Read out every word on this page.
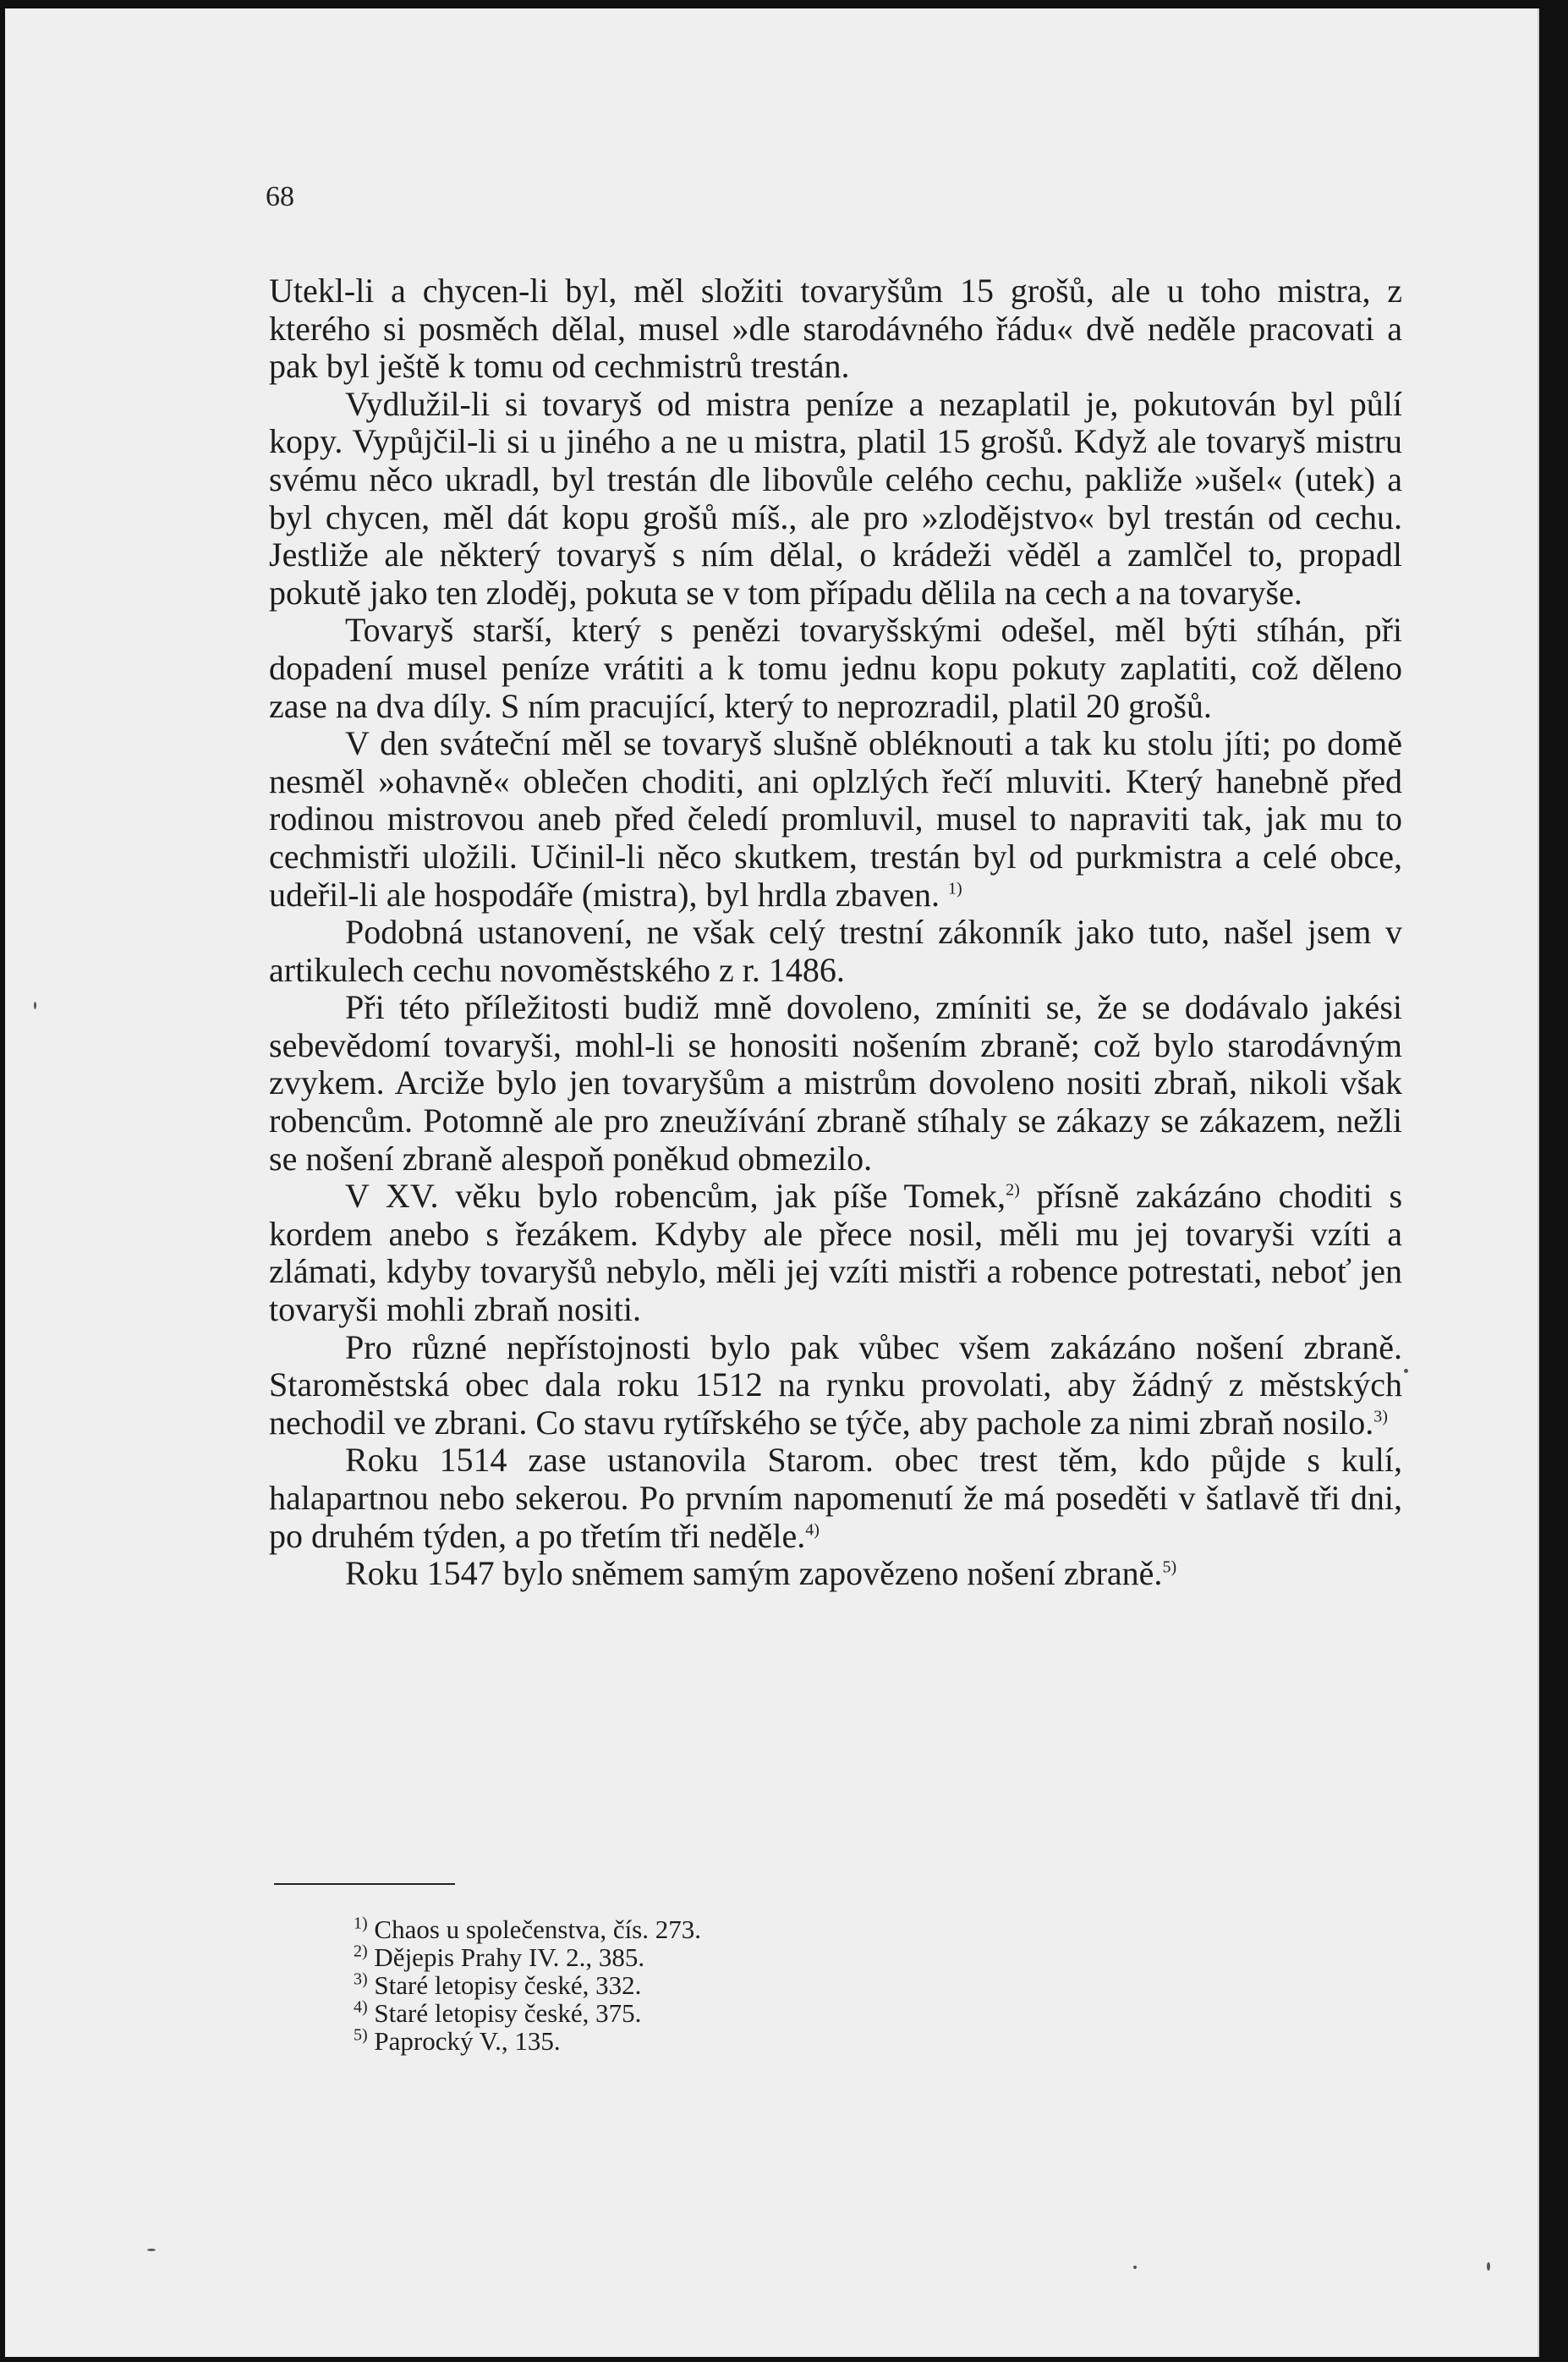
68

Utekl-li a chycen-li byl, měl složiti tovaryšům 15 grošů, ale u toho mistra, z kterého si posměch dělal, musel »dle starodávného řádu« dvě neděle pracovati a pak byl ještě k tomu od cechmistrů trestán.

Vydlužil-li si tovaryš od mistra peníze a nezaplatil je, pokutován byl půlí kopy. Vypůjčil-li si u jiného a ne u mistra, platil 15 grošů. Když ale tovaryš mistru svému něco ukradl, byl trestán dle libovůle celého cechu, pakliže »ušel« (utek) a byl chycen, měl dát kopu grošů míš., ale pro »zlodějstvo« byl trestán od cechu. Jestliže ale některý tovaryš s ním dělal, o krádeži věděl a zamlčel to, propadl pokutě jako ten zloděj, pokuta se v tom případu dělila na cech a na tovaryše.

Tovaryš starší, který s penězi tovaryšskými odešel, měl býti stíhán, při dopadení musel peníze vrátiti a k tomu jednu kopu pokuty zaplatiti, což děleno zase na dva díly. S ním pracující, který to neprozradil, platil 20 grošů.

V den sváteční měl se tovaryš slušně obléknouti a tak ku stolu jíti; po domě nesměl »ohavně« oblečen choditi, ani oplzlých řečí mluviti. Který hanebně před rodinou mistrovou aneb před čeledí promluvil, musel to napraviti tak, jak mu to cechmistři uložili. Učinil-li něco skutkem, trestán byl od purkmistra a celé obce, udeřil-li ale hospodáře (mistra), byl hrdla zbaven. $^{1)}$

Podobná ustanovení, ne však celý trestní zákonník jako tuto, našel jsem v artikulech cechu novoměstského z r. 1486.

Při této příležitosti budiž mně dovoleno, zmíniti se, že se dodávalo jakési sebevědomí tovaryši, mohl-li se honositi nošením zbraně; což bylo starodávným zvykem. Arciže bylo jen tovaryšům a mistrům dovoleno nositi zbraň, nikoli však robencům. Potomně ale pro zneužívání zbraně stíhaly se zákazy se zákazem, nežli se nošení zbraně alespoň poněkud obmezilo.

V XV. věku bylo robencům, jak píše Tomek,$^{2)}$ přísně zakázáno choditi s kordem anebo s řezákem. Kdyby ale přece nosil, měli mu jej tovaryši vzíti a zlámati, kdyby tovaryšů nebylo, měli jej vzíti mistři a robence potrestati, neboť jen tovaryši mohli zbraň nositi.

Pro různé nepřístojnosti bylo pak vůbec všem zakázáno nošení zbraně. Staroměstská obec dala roku 1512 na rynku provolati, aby žádný z městských nechodil ve zbrani. Co stavu rytířského se týče, aby pachole za nimi zbraň nosilo.$^{3)}$

Roku 1514 zase ustanovila Starom. obec trest těm, kdo půjde s kulí, halapartnou nebo sekerou. Po prvním napomenutí že má poseděti v šatlavě tři dni, po druhém týden, a po třetím tři neděle.$^{4)}$

Roku 1547 bylo sněmem samým zapovězeno nošení zbraně.$^{5)}$

$^{1)}$ Chaos u společenstva, čís. 273.
$^{2)}$ Dějepis Prahy IV. 2., 385.
$^{3)}$ Staré letopisy české, 332.
$^{4)}$ Staré letopisy české, 375.
$^{5)}$ Paprocký V., 135.
